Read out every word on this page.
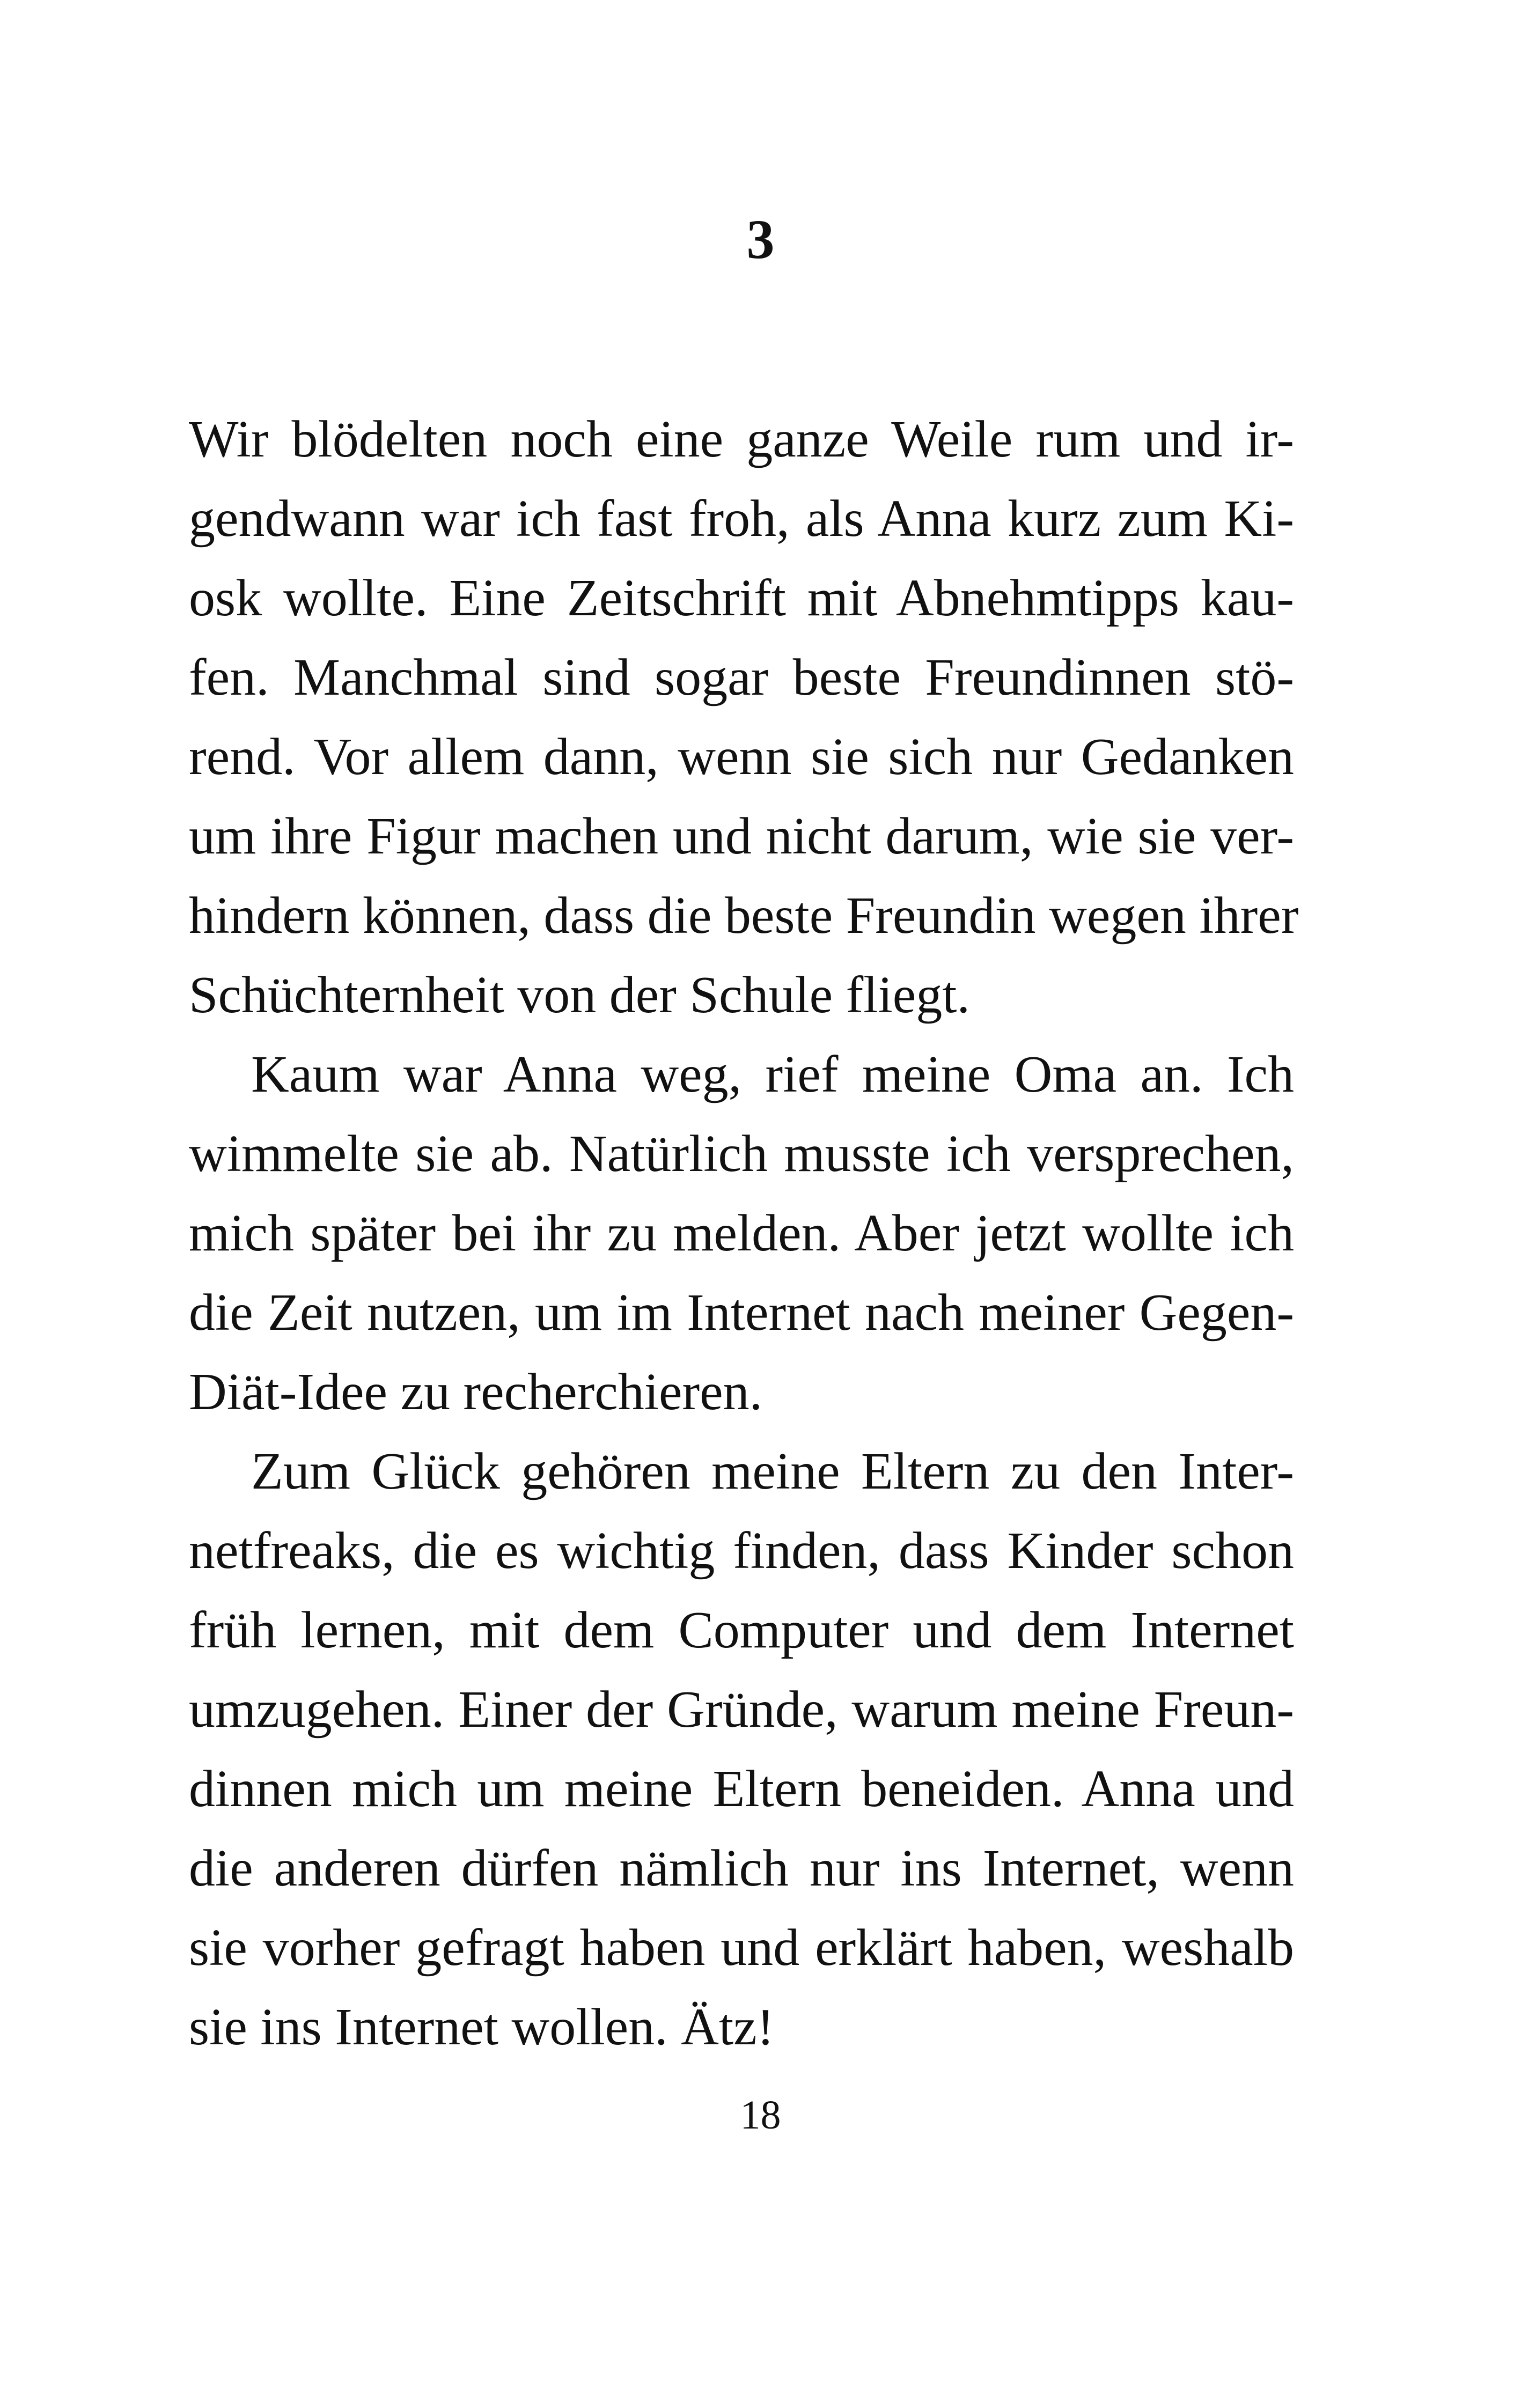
3
Wir blödelten noch eine ganze Weile rum und ir-
gendwann war ich fast froh, als Anna kurz zum Ki-
osk wollte. Eine Zeitschrift mit Abnehmtipps kau-
fen. Manchmal sind sogar beste Freundinnen stö-
rend. Vor allem dann, wenn sie sich nur Gedanken
um ihre Figur machen und nicht darum, wie sie ver-
hindern können, dass die beste Freundin wegen ihrer
Schüchternheit von der Schule fliegt.
Kaum war Anna weg, rief meine Oma an. Ich
wimmelte sie ab. Natürlich musste ich versprechen,
mich später bei ihr zu melden. Aber jetzt wollte ich
die Zeit nutzen, um im Internet nach meiner Gegen-
Diät-Idee zu recherchieren.
Zum Glück gehören meine Eltern zu den Inter-
netfreaks, die es wichtig finden, dass Kinder schon
früh lernen, mit dem Computer und dem Internet
umzugehen. Einer der Gründe, warum meine Freun-
dinnen mich um meine Eltern beneiden. Anna und
die anderen dürfen nämlich nur ins Internet, wenn
sie vorher gefragt haben und erklärt haben, weshalb
sie ins Internet wollen. Ätz!
18
